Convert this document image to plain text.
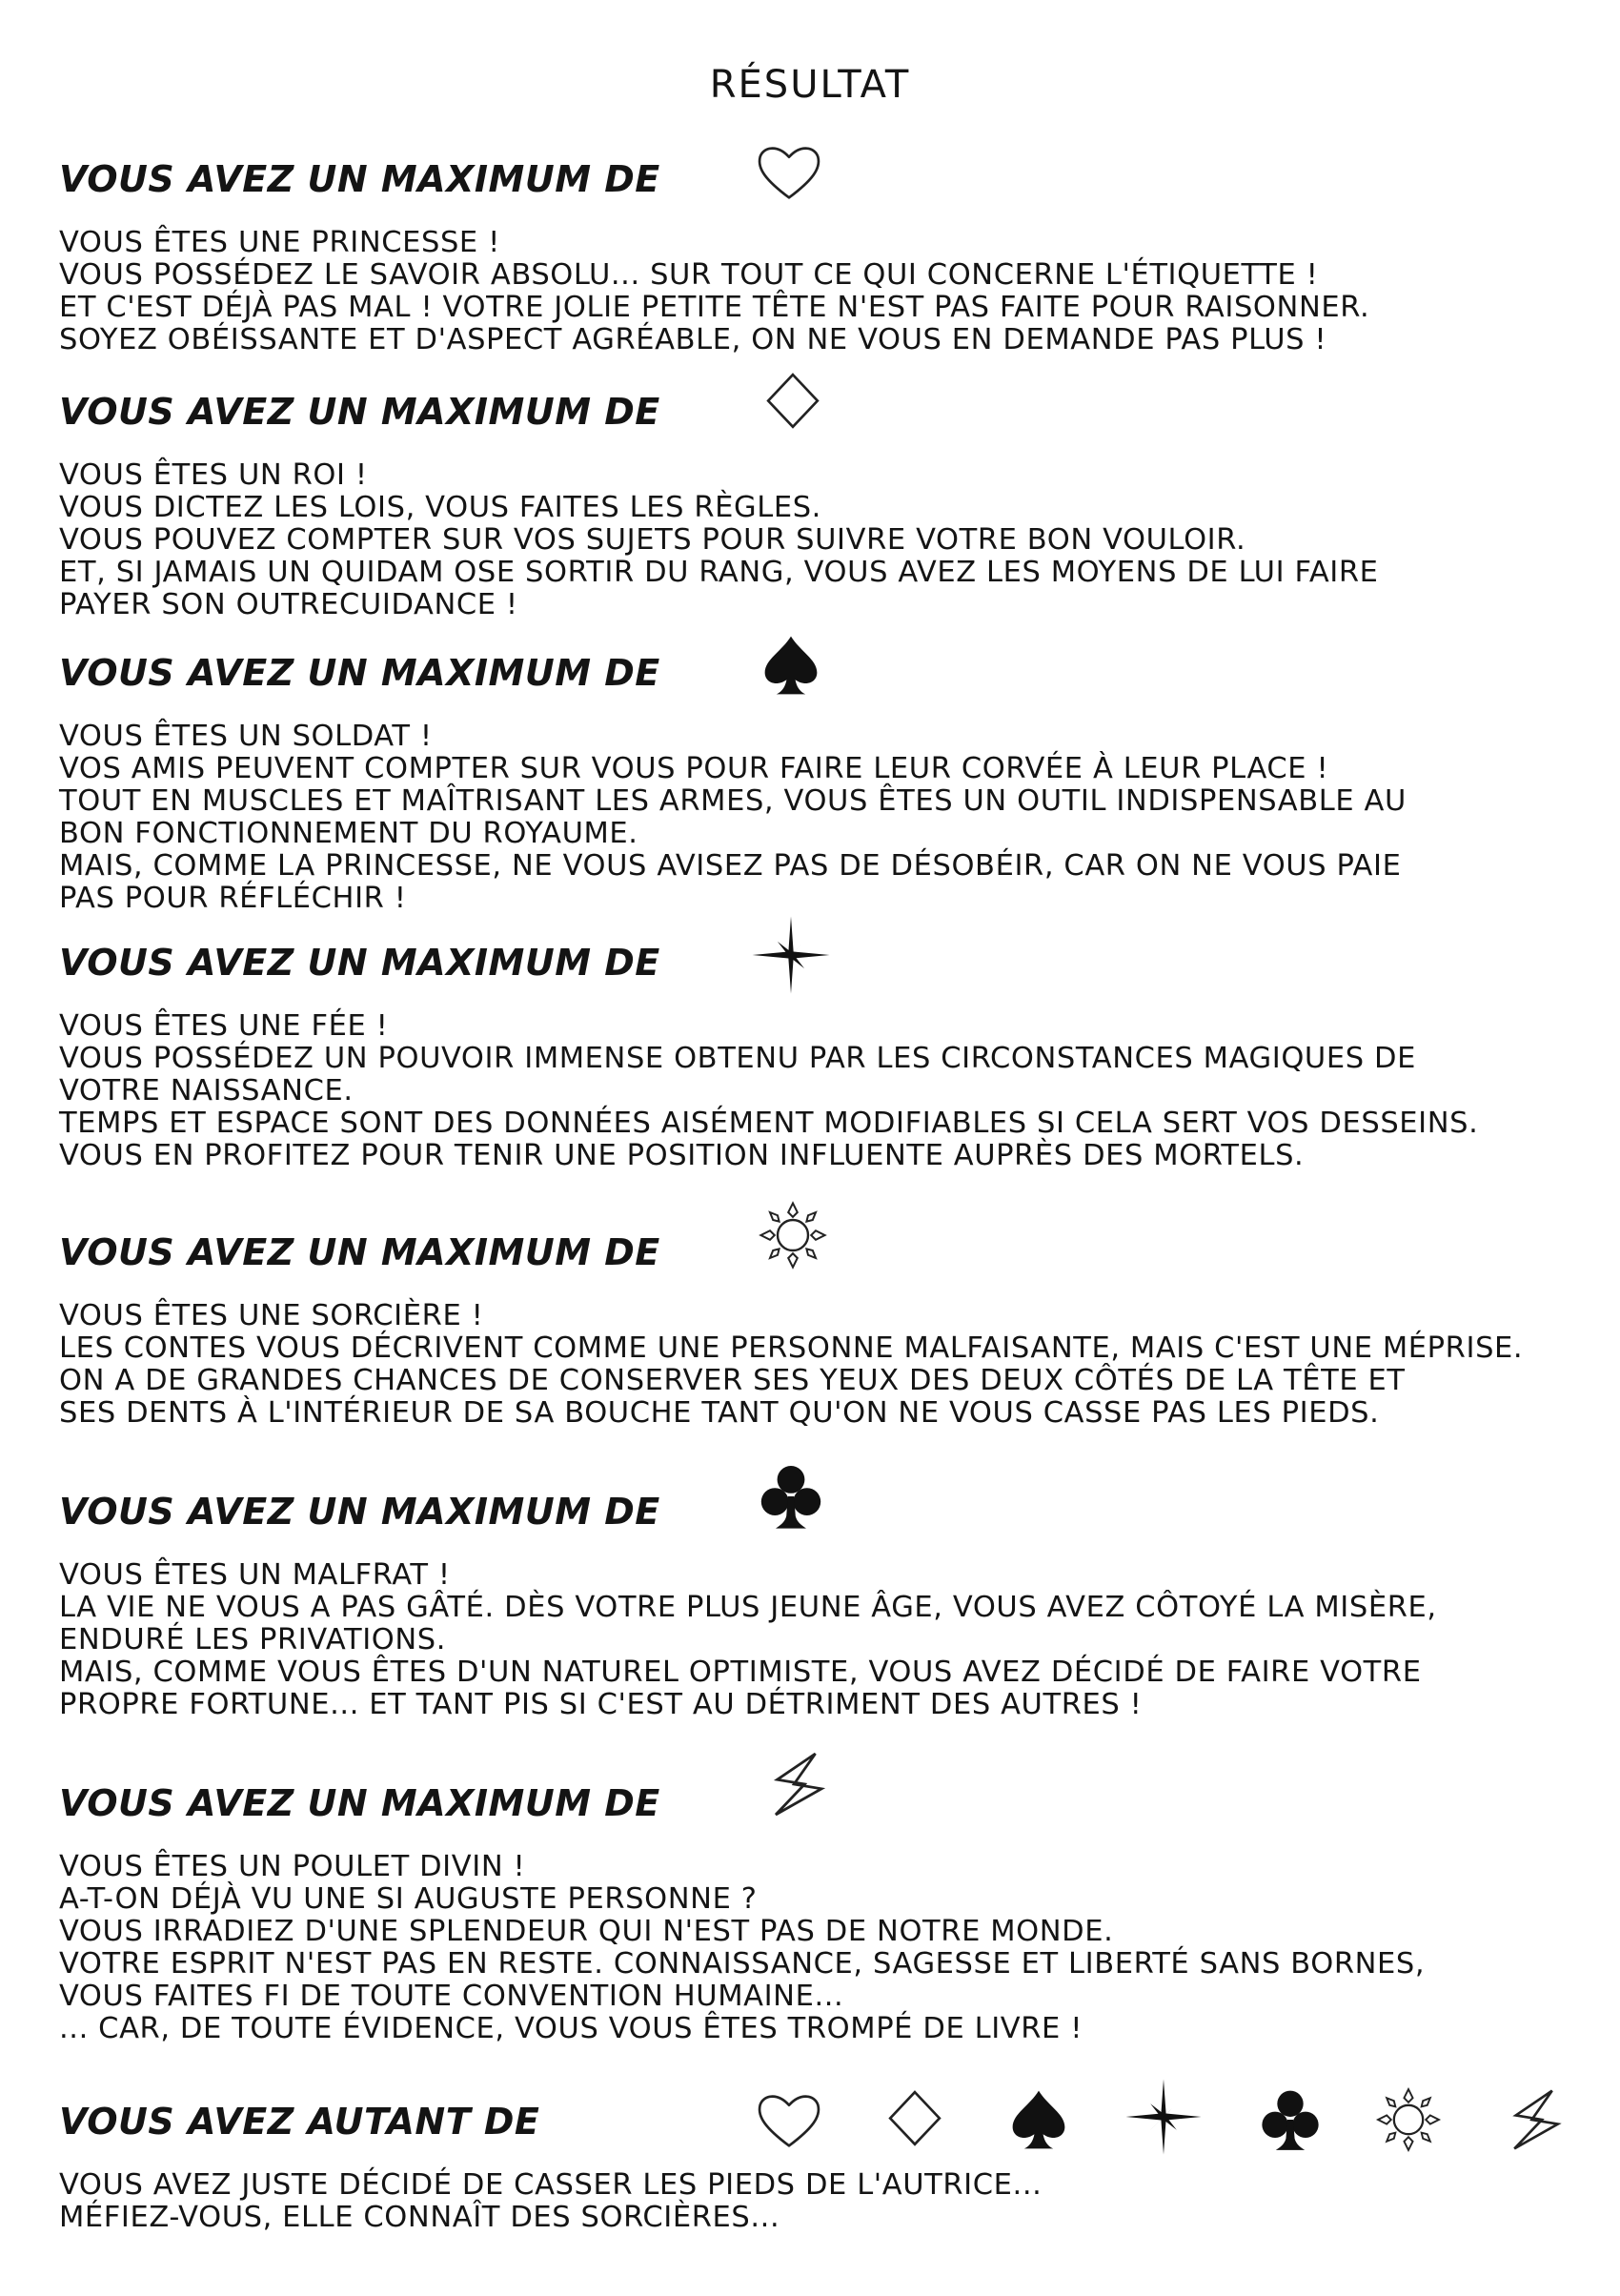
RÉSULTAT
VOUS AVEZ UN MAXIMUM DE
VOUS ÊTES UNE PRINCESSE !
VOUS POSSÉDEZ LE SAVOIR ABSOLU... SUR TOUT CE QUI CONCERNE L'ÉTIQUETTE !
ET C'EST DÉJÀ PAS MAL ! VOTRE JOLIE PETITE TÊTE N'EST PAS FAITE POUR RAISONNER.
SOYEZ OBÉISSANTE ET D'ASPECT AGRÉABLE, ON NE VOUS EN DEMANDE PAS PLUS !
VOUS AVEZ UN MAXIMUM DE
VOUS ÊTES UN ROI !
VOUS DICTEZ LES LOIS, VOUS FAITES LES RÈGLES.
VOUS POUVEZ COMPTER SUR VOS SUJETS POUR SUIVRE VOTRE BON VOULOIR.
ET, SI JAMAIS UN QUIDAM OSE SORTIR DU RANG, VOUS AVEZ LES MOYENS DE LUI FAIRE
PAYER SON OUTRECUIDANCE !
VOUS AVEZ UN MAXIMUM DE
VOUS ÊTES UN SOLDAT !
VOS AMIS PEUVENT COMPTER SUR VOUS POUR FAIRE LEUR CORVÉE À LEUR PLACE !
TOUT EN MUSCLES ET MAÎTRISANT LES ARMES, VOUS ÊTES UN OUTIL INDISPENSABLE AU
BON FONCTIONNEMENT DU ROYAUME.
MAIS, COMME LA PRINCESSE, NE VOUS AVISEZ PAS DE DÉSOBÉIR, CAR ON NE VOUS PAIE
PAS POUR RÉFLÉCHIR !
VOUS AVEZ UN MAXIMUM DE
VOUS ÊTES UNE FÉE !
VOUS POSSÉDEZ UN POUVOIR IMMENSE OBTENU PAR LES CIRCONSTANCES MAGIQUES DE
VOTRE NAISSANCE.
TEMPS ET ESPACE SONT DES DONNÉES AISÉMENT MODIFIABLES SI CELA SERT VOS DESSEINS.
VOUS EN PROFITEZ POUR TENIR UNE POSITION INFLUENTE AUPRÈS DES MORTELS.
VOUS AVEZ UN MAXIMUM DE
VOUS ÊTES UNE SORCIÈRE !
LES CONTES VOUS DÉCRIVENT COMME UNE PERSONNE MALFAISANTE, MAIS C'EST UNE MÉPRISE.
ON A DE GRANDES CHANCES DE CONSERVER SES YEUX DES DEUX CÔTÉS DE LA TÊTE ET
SES DENTS À L'INTÉRIEUR DE SA BOUCHE TANT QU'ON NE VOUS CASSE PAS LES PIEDS.
VOUS AVEZ UN MAXIMUM DE
VOUS ÊTES UN MALFRAT !
LA VIE NE VOUS A PAS GÂTÉ. DÈS VOTRE PLUS JEUNE ÂGE, VOUS AVEZ CÔTOYÉ LA MISÈRE,
ENDURÉ LES PRIVATIONS.
MAIS, COMME VOUS ÊTES D'UN NATUREL OPTIMISTE, VOUS AVEZ DÉCIDÉ DE FAIRE VOTRE
PROPRE FORTUNE... ET TANT PIS SI C'EST AU DÉTRIMENT DES AUTRES !
VOUS AVEZ UN MAXIMUM DE
VOUS ÊTES UN POULET DIVIN !
A-T-ON DÉJÀ VU UNE SI AUGUSTE PERSONNE ?
VOUS IRRADIEZ D'UNE SPLENDEUR QUI N'EST PAS DE NOTRE MONDE.
VOTRE ESPRIT N'EST PAS EN RESTE. CONNAISSANCE, SAGESSE ET LIBERTÉ SANS BORNES,
VOUS FAITES FI DE TOUTE CONVENTION HUMAINE...
... CAR, DE TOUTE ÉVIDENCE, VOUS VOUS ÊTES TROMPÉ DE LIVRE !
VOUS AVEZ AUTANT DE
VOUS AVEZ JUSTE DÉCIDÉ DE CASSER LES PIEDS DE L'AUTRICE...
MÉFIEZ-VOUS, ELLE CONNAÎT DES SORCIÈRES...
